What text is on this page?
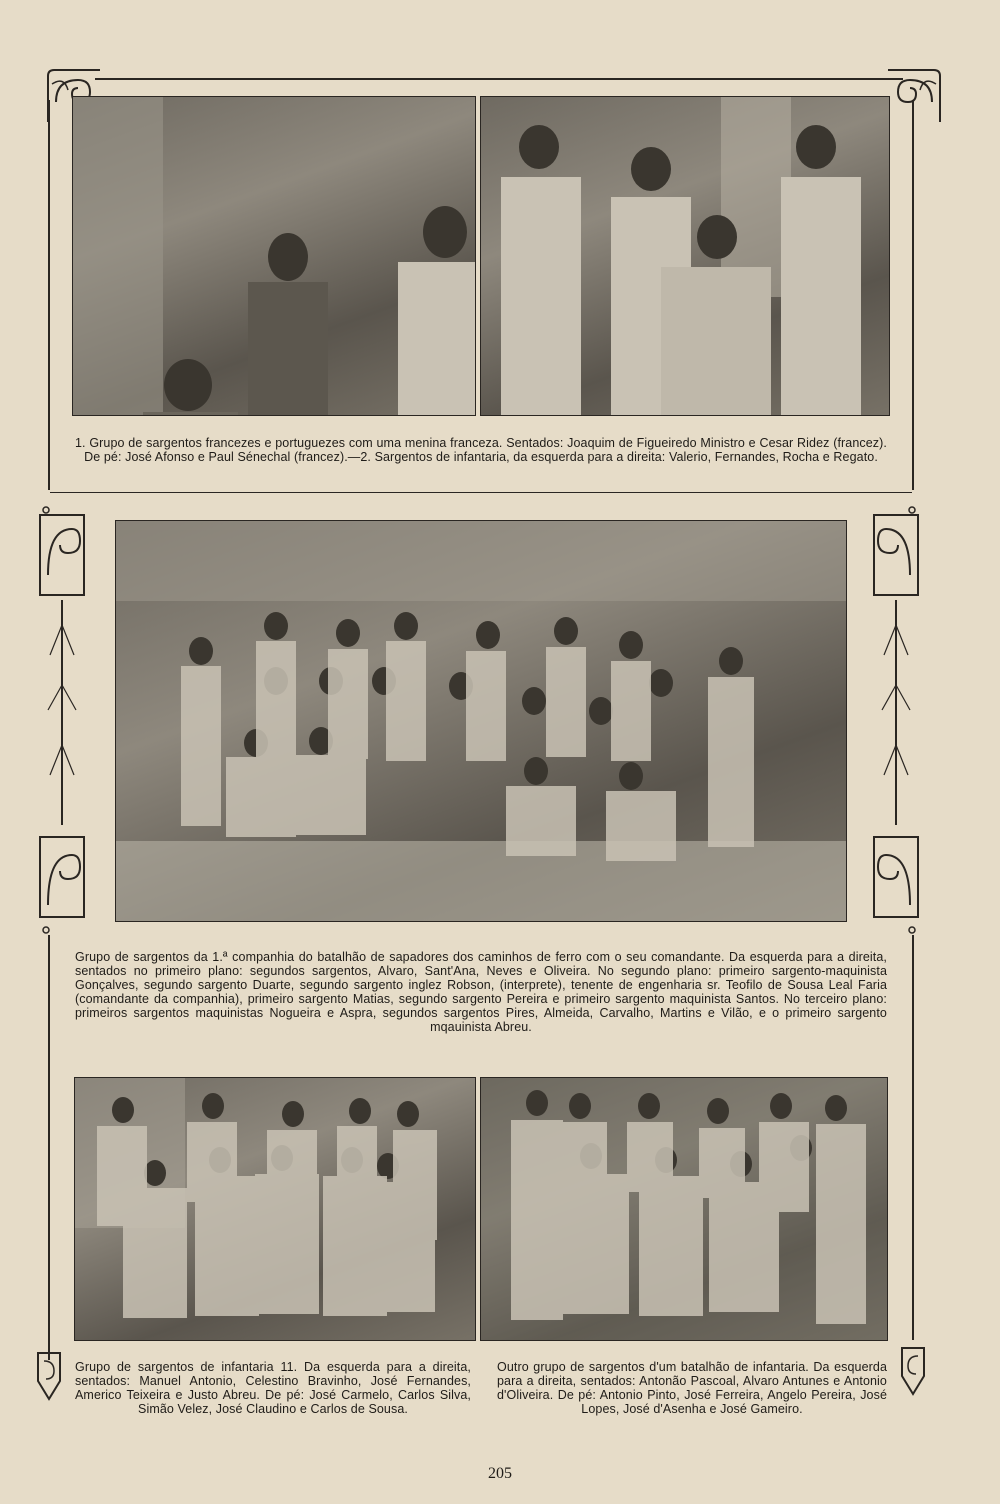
1. Grupo de sargentos francezes e portuguezes com uma menina franceza. Sentados: Joaquim de Figueiredo Ministro e Cesar Ridez (francez). De pé: José Afonso e Paul Sénechal (francez).—2. Sargentos de infantaria, da esquerda para a direita: Valerio, Fernandes, Rocha e Regato.
Grupo de sargentos da 1.ª companhia do batalhão de sapadores dos caminhos de ferro com o seu comandante. Da esquerda para a direita, sentados no primeiro plano: segundos sargentos, Alvaro, Sant'Ana, Neves e Oliveira. No segundo plano: primeiro sargento-maquinista Gonçalves, segundo sargento Duarte, segundo sargento inglez Robson, (interprete), tenente de engenharia sr. Teofilo de Sousa Leal Faria (comandante da companhia), primeiro sargento Matias, segundo sargento Pereira e primeiro sargento maquinista Santos. No terceiro plano: primeiros sargentos maquinistas Nogueira e Aspra, segundos sargentos Pires, Almeida, Carvalho, Martins e Vilão, e o primeiro sargento mqauinista Abreu.
Grupo de sargentos de infantaria 11. Da esquerda para a direita, sentados: Manuel Antonio, Celestino Bravinho, José Fernandes, Americo Teixeira e Justo Abreu. De pé: José Carmelo, Carlos Silva, Simão Velez, José Claudino e Carlos de Sousa.
Outro grupo de sargentos d'um batalhão de infantaria. Da esquerda para a direita, sentados: Antonão Pascoal, Alvaro Antunes e Antonio d'Oliveira. De pé: Antonio Pinto, José Ferreira, Angelo Pereira, José Lopes, José d'Asenha e José Gameiro.
205
